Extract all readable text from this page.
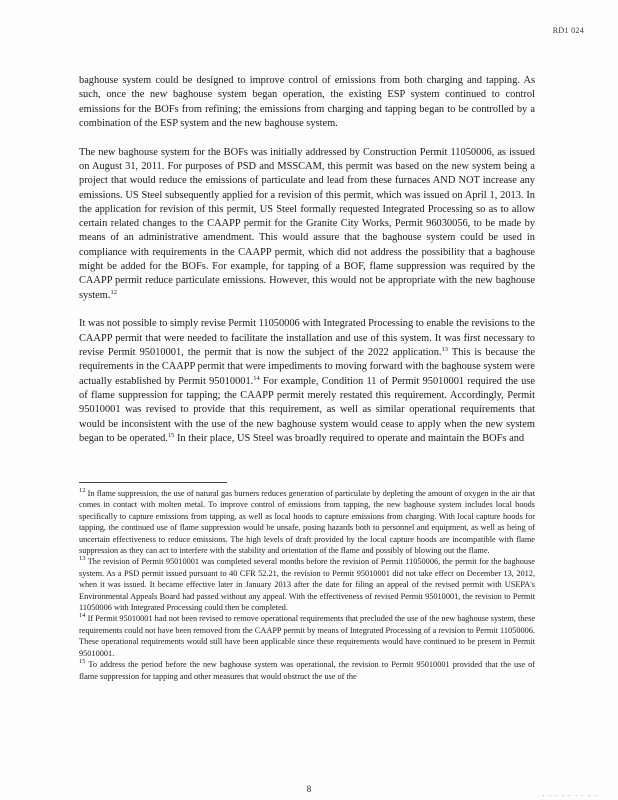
RD1 024

baghouse system could be designed to improve control of emissions from both charging and tapping. As such, once the new baghouse system began operation, the existing ESP system continued to control emissions for the BOFs from refining; the emissions from charging and tapping began to be controlled by a combination of the ESP system and the new baghouse system.

The new baghouse system for the BOFs was initially addressed by Construction Permit 11050006, as issued on August 31, 2011. For purposes of PSD and MSSCAM, this permit was based on the new system being a project that would reduce the emissions of particulate and lead from these furnaces AND NOT increase any emissions. US Steel subsequently applied for a revision of this permit, which was issued on April 1, 2013. In the application for revision of this permit, US Steel formally requested Integrated Processing so as to allow certain related changes to the CAAPP permit for the Granite City Works, Permit 96030056, to be made by means of an administrative amendment. This would assure that the baghouse system could be used in compliance with requirements in the CAAPP permit, which did not address the possibility that a baghouse might be added for the BOFs. For example, for tapping of a BOF, flame suppression was required by the CAAPP permit reduce particulate emissions. However, this would not be appropriate with the new baghouse system.$^{12}$

It was not possible to simply revise Permit 11050006 with Integrated Processing to enable the revisions to the CAAPP permit that were needed to facilitate the installation and use of this system. It was first necessary to revise Permit 95010001, the permit that is now the subject of the 2022 application.$^{13}$ This is because the requirements in the CAAPP permit that were impediments to moving forward with the baghouse system were actually established by Permit 95010001.14 For example, Condition 11 of Permit 95010001 required the use of flame suppression for tapping; the CAAPP permit merely restated this requirement. Accordingly, Permit 95010001 was revised to provide that this requirement, as well as similar operational requirements that would be inconsistent with the use of the new baghouse system would cease to apply when the new system began to be operated.$^{15}$ In their place, US Steel was broadly required to operate and maintain the BOFs and

$^{12}$ In flame suppression, the use of natural gas burners reduces generation of particulate by depleting the amount of oxygen in the air that comes in contact with molten metal. To improve control of emissions from tapping, the new baghouse system includes local hoods specifically to capture emissions from tapping, as well as local hoods to capture emissions from charging. With local capture hoods for tapping, the continued use of flame suppression would be unsafe, posing hazards both to personnel and equipment, as well as being of uncertain effectiveness to reduce emissions. The high levels of draft provided by the local capture hoods are incompatible with flame suppression as they can act to interfere with the stability and orientation of the flame and possibly of blowing out the flame.

$^{13}$ The revision of Permit 95010001 was completed several months before the revision of Permit 11050006, the permit for the baghouse system. As a PSD permit issued pursuant to 40 CFR 52.21, the revision to Permit 95010001 did not take effect on December 13, 2012, when it was issued. It became effective later in January 2013 after the date for filing an appeal of the revised permit with USEPA's Environmental Appeals Board had passed without any appeal. With the effectiveness of revised Permit 95010001, the revision to Permit 11050006 with Integrated Processing could then be completed.

$^{14}$ If Permit 95010001 had not been revised to remove operational requirements that precluded the use of the new baghouse system, these requirements could not have been removed from the CAAPP permit by means of Integrated Processing of a revision to Permit 11050006. These operational requirements would still have been applicable since these requirements would have continued to be present in Permit 95010001.

$^{15}$ To address the period before the new baghouse system was operational, the revision to Permit 95010001 provided that the use of flame suppression for tapping and other measures that would obstruct the use of the

8	. . . . . . . . .
